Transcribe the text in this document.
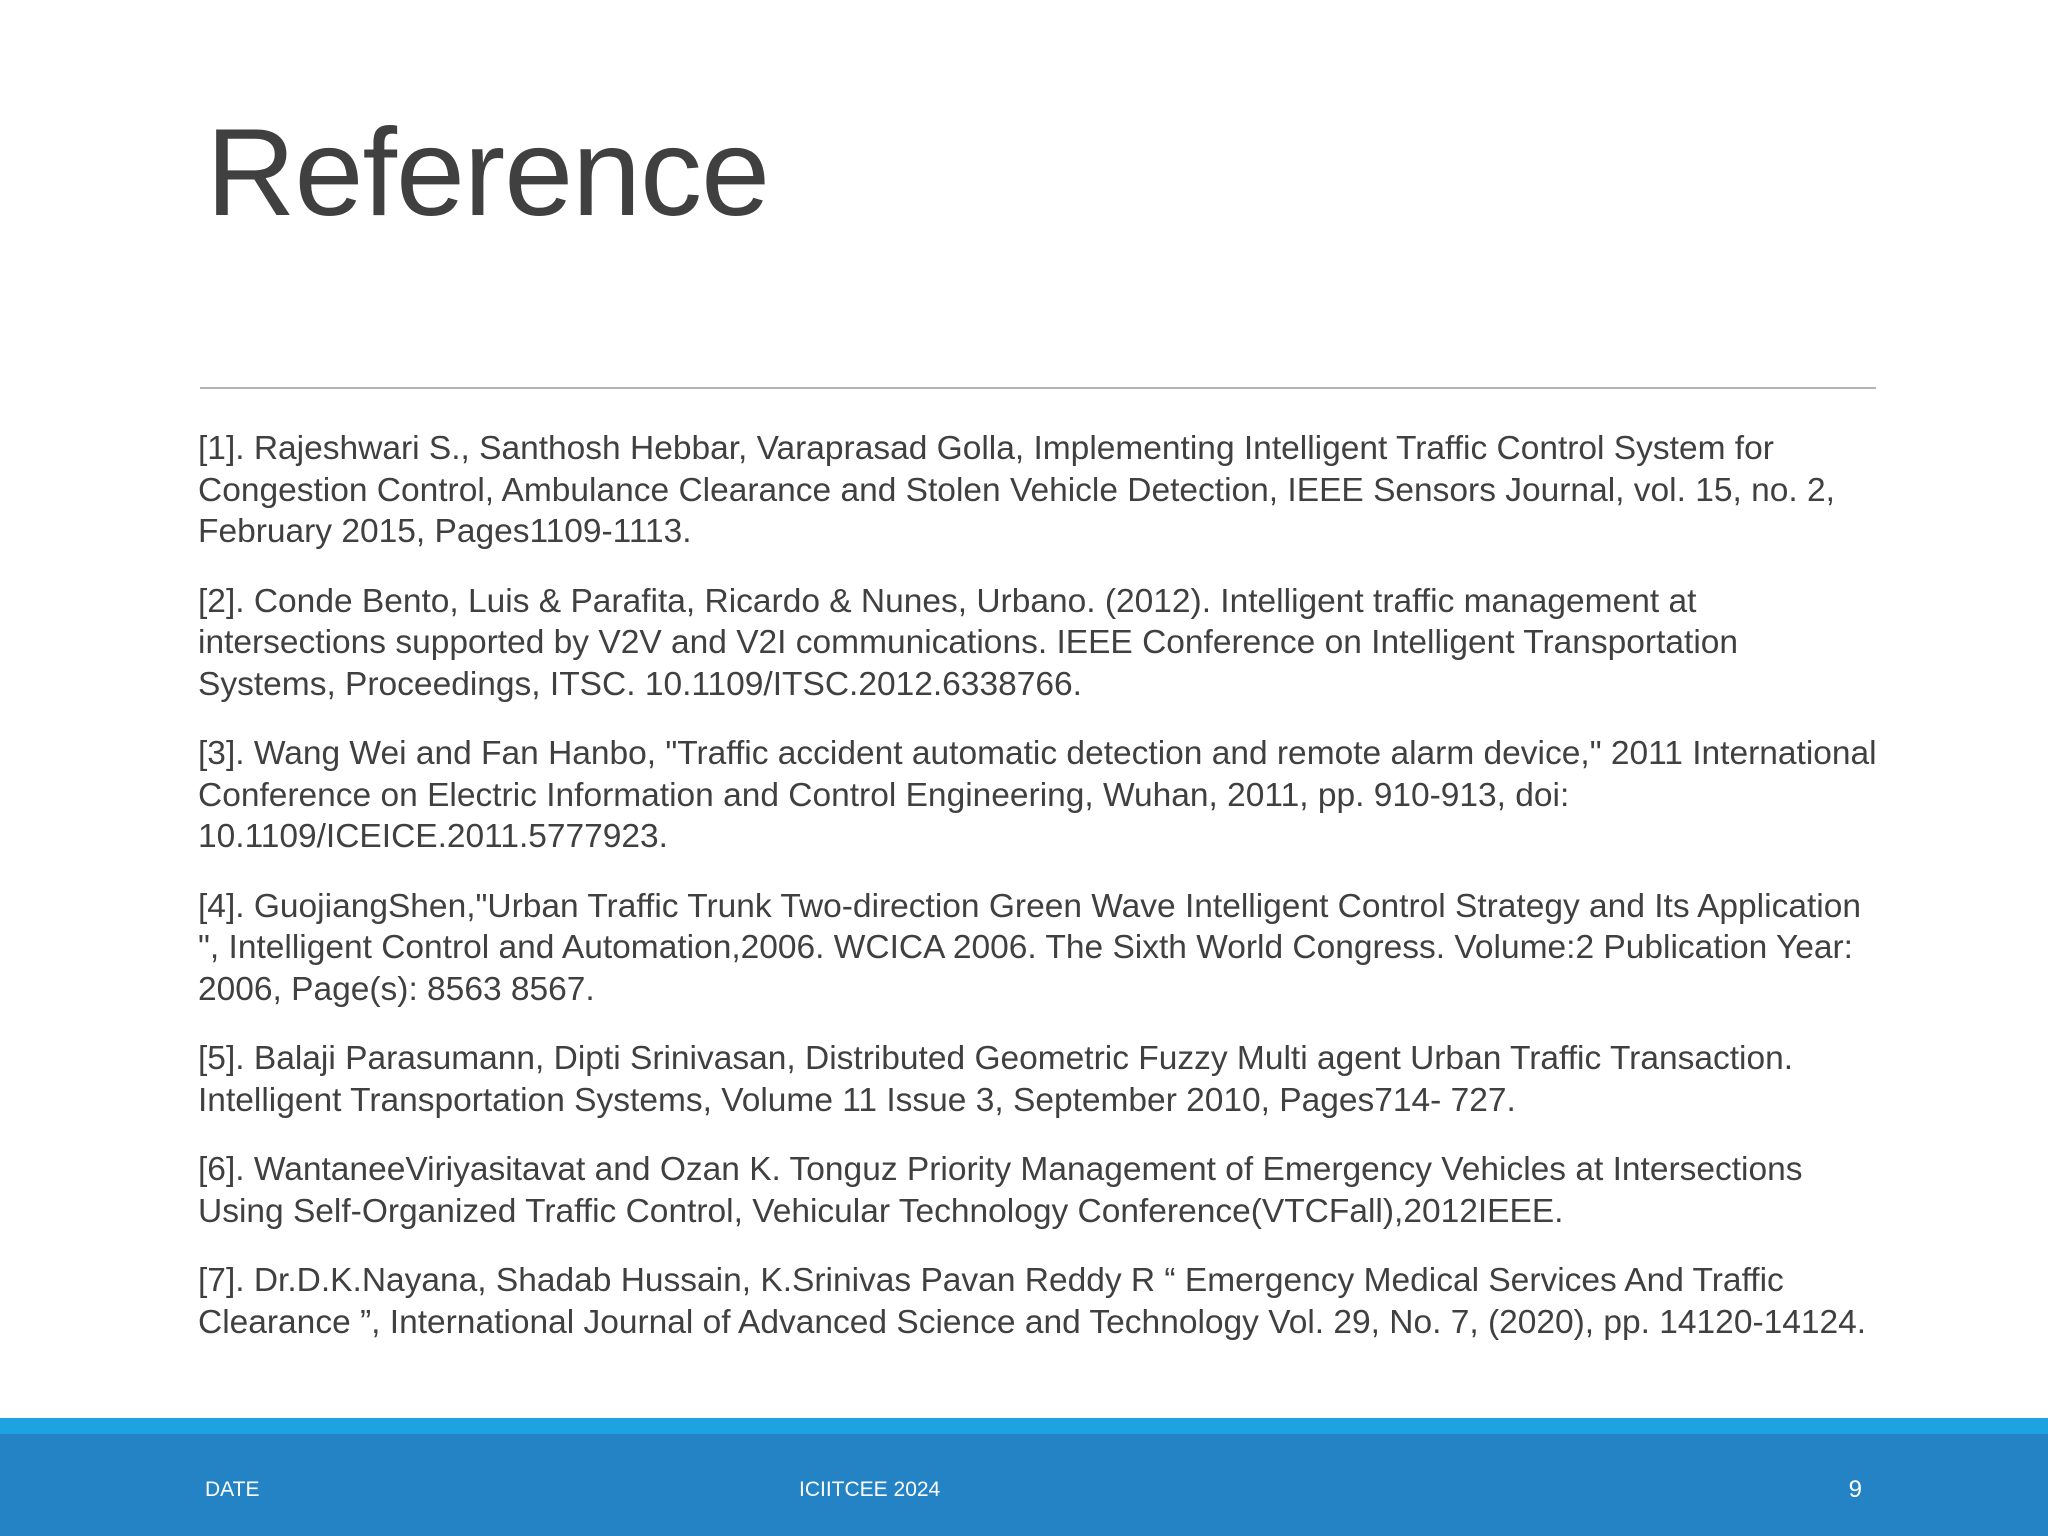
Reference
[1]. Rajeshwari S., Santhosh Hebbar, Varaprasad Golla, Implementing Intelligent Traffic Control System for Congestion Control, Ambulance Clearance and Stolen Vehicle Detection, IEEE Sensors Journal, vol. 15, no. 2, February 2015, Pages1109-1113.
[2]. Conde Bento, Luis & Parafita, Ricardo & Nunes, Urbano. (2012). Intelligent traffic management at intersections supported by V2V and V2I communications. IEEE Conference on Intelligent Transportation Systems, Proceedings, ITSC. 10.1109/ITSC.2012.6338766.
[3]. Wang Wei and Fan Hanbo, "Traffic accident automatic detection and remote alarm device," 2011 International Conference on Electric Information and Control Engineering, Wuhan, 2011, pp. 910-913, doi: 10.1109/ICEICE.2011.5777923.
[4]. GuojiangShen,"Urban Traffic Trunk Two-direction Green Wave Intelligent Control Strategy and Its Application ", Intelligent Control and Automation,2006. WCICA 2006. The Sixth World Congress. Volume:2 Publication Year: 2006, Page(s): 8563 8567.
[5]. Balaji Parasumann, Dipti Srinivasan, Distributed Geometric Fuzzy Multi agent Urban Traffic Transaction. Intelligent Transportation Systems, Volume 11 Issue 3, September 2010, Pages714- 727.
[6]. WantaneeViriyasitavat and Ozan K. Tonguz Priority Management of Emergency Vehicles at Intersections Using Self-Organized Traffic Control, Vehicular Technology Conference(VTCFall),2012IEEE.
[7]. Dr.D.K.Nayana, Shadab Hussain, K.Srinivas Pavan Reddy R “ Emergency Medical Services And Traffic Clearance ”, International Journal of Advanced Science and Technology Vol. 29, No. 7, (2020), pp. 14120-14124.
DATE	ICIITCEE 2024	9
